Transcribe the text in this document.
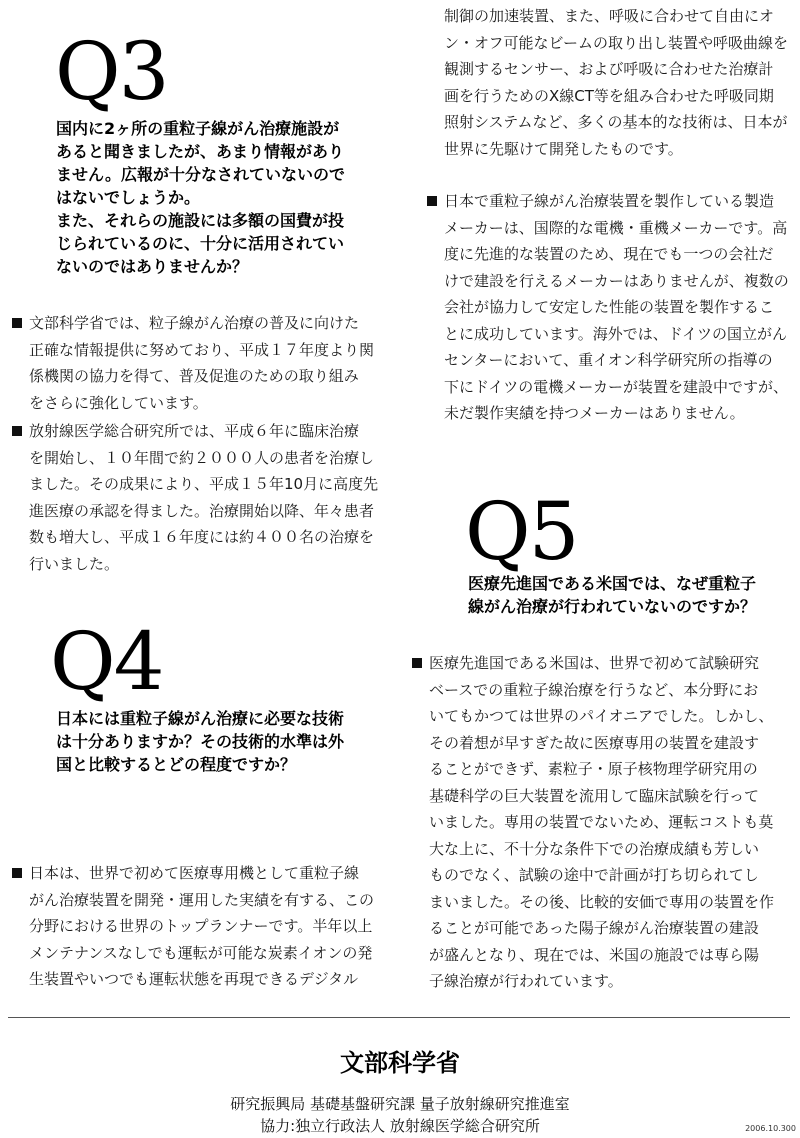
Q3
国内に2ヶ所の重粒子線がん治療施設が
あると聞きましたが、あまり情報があり
ません。広報が十分なされていないので
はないでしょうか。
また、それらの施設には多額の国費が投
じられているのに、十分に活用されてい
ないのではありませんか？
文部科学省では、粒子線がん治療の普及に向けた
正確な情報提供に努めており、平成１７年度より関
係機関の協力を得て、普及促進のための取り組み
をさらに強化しています。
放射線医学総合研究所では、平成６年に臨床治療
を開始し、１０年間で約２０００人の患者を治療し
ました。その成果により、平成１５年10月に高度先
進医療の承認を得ました。治療開始以降、年々患者
数も増大し、平成１６年度には約４００名の治療を
行いました。
Q4
日本には重粒子線がん治療に必要な技術
は十分ありますか？その技術的水準は外
国と比較するとどの程度ですか？
日本は、世界で初めて医療専用機として重粒子線
がん治療装置を開発・運用した実績を有する、この
分野における世界のトップランナーです。半年以上
メンテナンスなしでも運転が可能な炭素イオンの発
生装置やいつでも運転状態を再現できるデジタル
制御の加速装置、また、呼吸に合わせて自由にオ
ン・オフ可能なビームの取り出し装置や呼吸曲線を
観測するセンサー、および呼吸に合わせた治療計
画を行うためのX線CT等を組み合わせた呼吸同期
照射システムなど、多くの基本的な技術は、日本が
世界に先駆けて開発したものです。
日本で重粒子線がん治療装置を製作している製造
メーカーは、国際的な電機・重機メーカーです。高
度に先進的な装置のため、現在でも一つの会社だ
けで建設を行えるメーカーはありませんが、複数の
会社が協力して安定した性能の装置を製作するこ
とに成功しています。海外では、ドイツの国立がん
センターにおいて、重イオン科学研究所の指導の
下にドイツの電機メーカーが装置を建設中ですが、
未だ製作実績を持つメーカーはありません。
Q5
医療先進国である米国では、なぜ重粒子
線がん治療が行われていないのですか？
医療先進国である米国は、世界で初めて試験研究
ベースでの重粒子線治療を行うなど、本分野にお
いてもかつては世界のパイオニアでした。しかし、
その着想が早すぎた故に医療専用の装置を建設す
ることができず、素粒子・原子核物理学研究用の
基礎科学の巨大装置を流用して臨床試験を行って
いました。専用の装置でないため、運転コストも莫
大な上に、不十分な条件下での治療成績も芳しい
ものでなく、試験の途中で計画が打ち切られてし
まいました。その後、比較的安価で専用の装置を作
ることが可能であった陽子線がん治療装置の建設
が盛んとなり、現在では、米国の施設では専ら陽
子線治療が行われています。
文部科学省
研究振興局 基礎基盤研究課 量子放射線研究推進室
協力:独立行政法人 放射線医学総合研究所	2006.10.300
